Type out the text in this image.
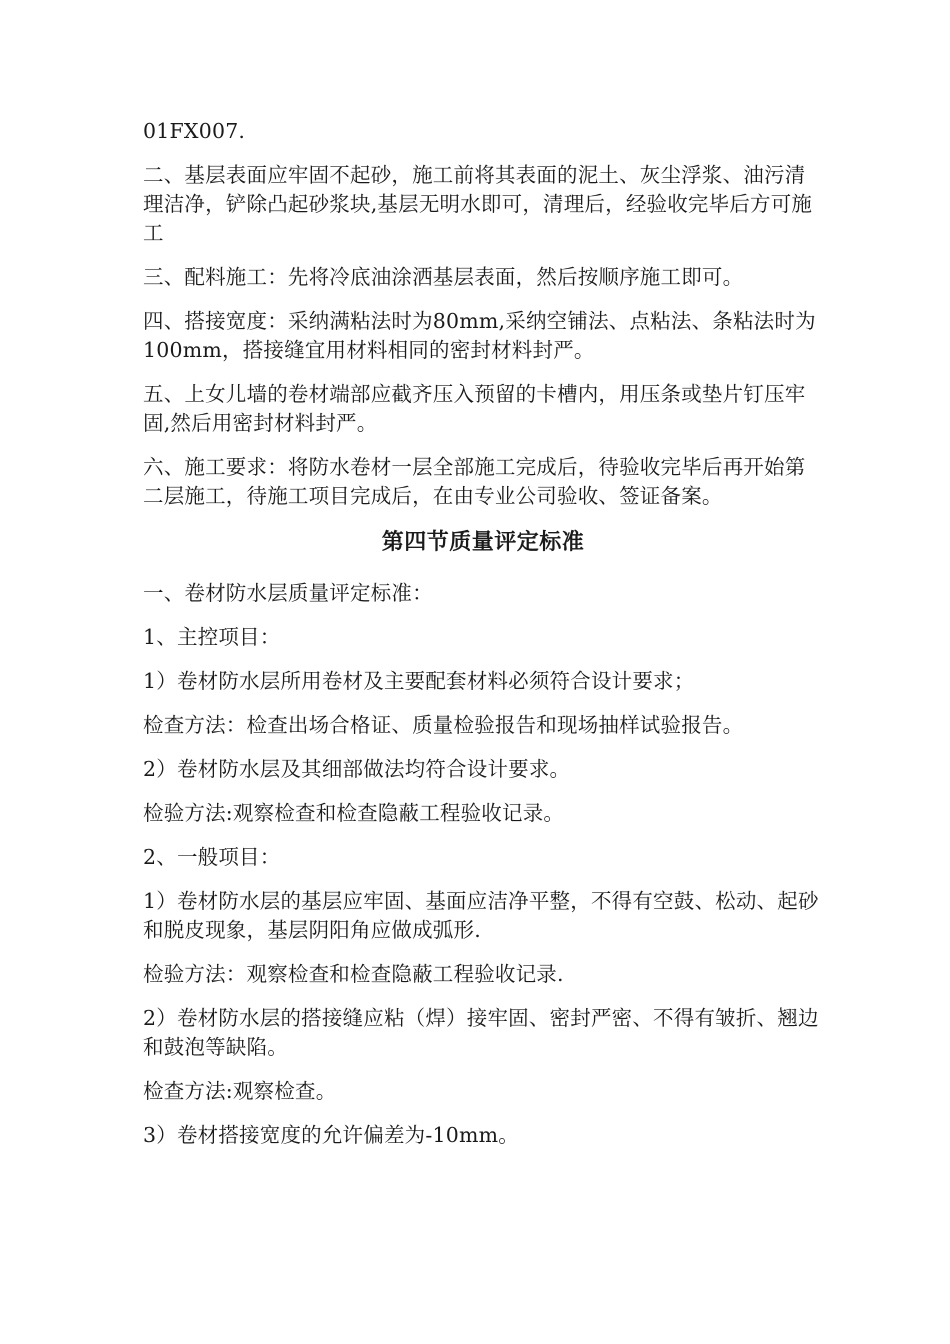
01FX007.

二、基层表面应牢固不起砂，施工前将其表面的泥土、灰尘浮浆、油污清理洁净，铲除凸起砂浆块,基层无明水即可，清理后，经验收完毕后方可施工

三、配料施工：先将冷底油涂洒基层表面，然后按顺序施工即可。

四、搭接宽度：采纳满粘法时为80mm,采纳空铺法、点粘法、条粘法时为100mm，搭接缝宜用材料相同的密封材料封严。

五、上女儿墙的卷材端部应截齐压入预留的卡槽内，用压条或垫片钉压牢固,然后用密封材料封严。

六、施工要求：将防水卷材一层全部施工完成后，待验收完毕后再开始第二层施工，待施工项目完成后，在由专业公司验收、签证备案。

第四节质量评定标准

一、卷材防水层质量评定标准：

1、主控项目：

1）卷材防水层所用卷材及主要配套材料必须符合设计要求；

检查方法：检查出场合格证、质量检验报告和现场抽样试验报告。

2）卷材防水层及其细部做法均符合设计要求。

检验方法:观察检查和检查隐蔽工程验收记录。

2、一般项目：

1）卷材防水层的基层应牢固、基面应洁净平整，不得有空鼓、松动、起砂和脱皮现象，基层阴阳角应做成弧形.

检验方法：观察检查和检查隐蔽工程验收记录.

2）卷材防水层的搭接缝应粘（焊）接牢固、密封严密、不得有皱折、翘边和鼓泡等缺陷。

检查方法:观察检查。

3）卷材搭接宽度的允许偏差为-10mm。
